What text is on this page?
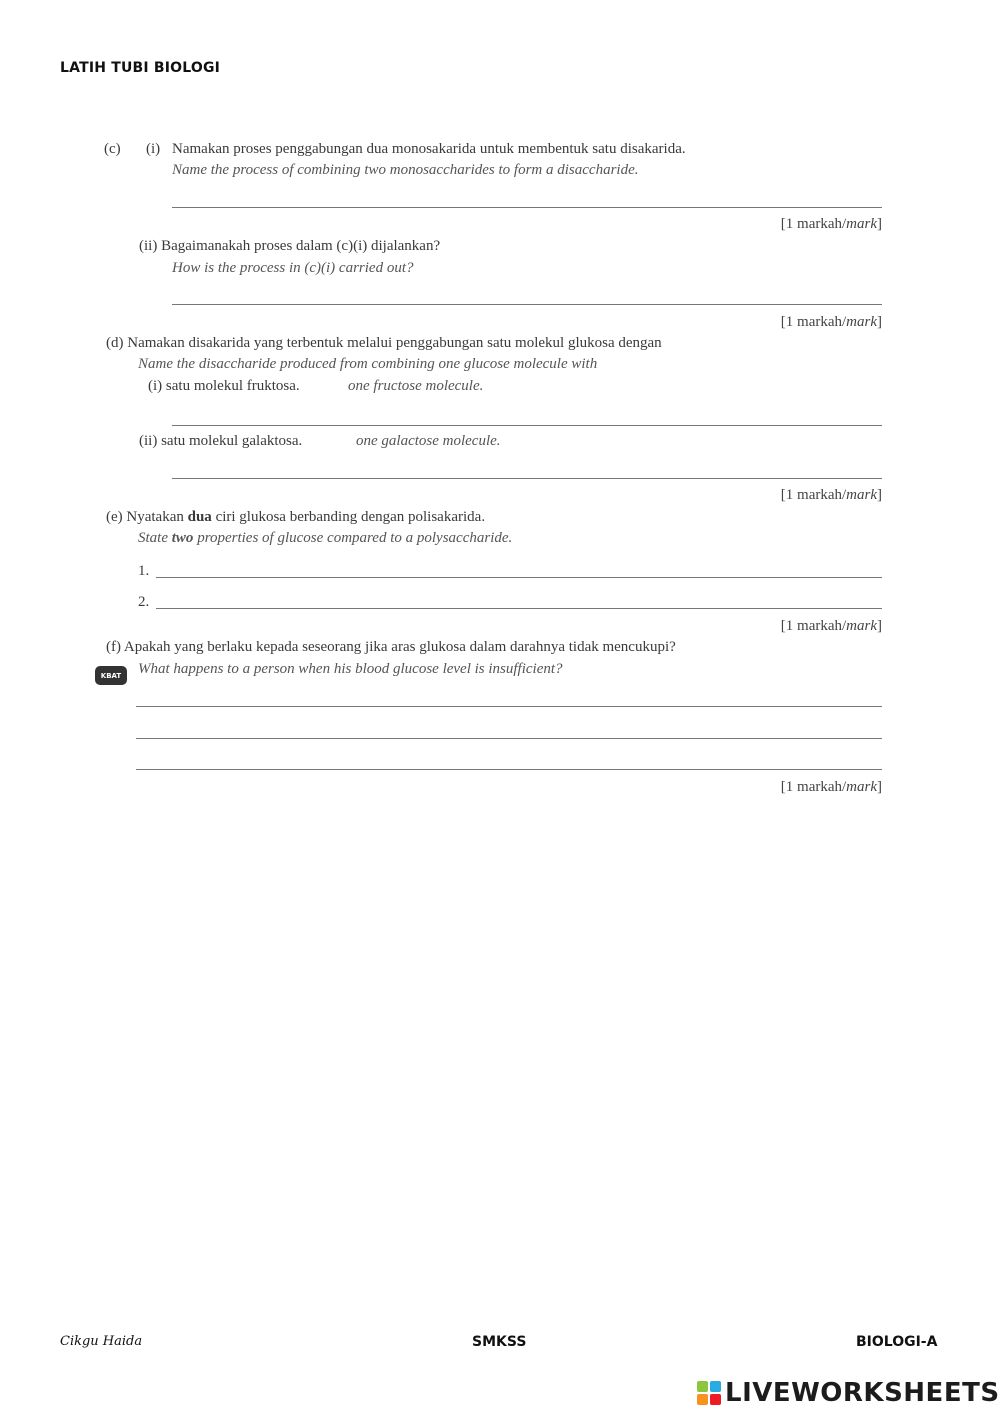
LATIH TUBI BIOLOGI
(c) (i) Namakan proses penggabungan dua monosakarida untuk membentuk satu disakarida.
Name the process of combining two monosaccharides to form a disaccharide.
[1 markah/mark]
(ii) Bagaimanakah proses dalam (c)(i) dijalankan?
How is the process in (c)(i) carried out?
[1 markah/mark]
(d) Namakan disakarida yang terbentuk melalui penggabungan satu molekul glukosa dengan
Name the disaccharide produced from combining one glucose molecule with
(i) satu molekul fruktosa.	one fructose molecule.
(ii) satu molekul galaktosa.	one galactose molecule.
[1 markah/mark]
(e) Nyatakan dua ciri glukosa berbanding dengan polisakarida.
State two properties of glucose compared to a polysaccharide.
1.
2.
[1 markah/mark]
(f) Apakah yang berlaku kepada seseorang jika aras glukosa dalam darahnya tidak mencukupi?
KBAT	What happens to a person when his blood glucose level is insufficient?
[1 markah/mark]
Cikgu Haida	SMKSS	BIOLOGI-A
LIVEWORKSHEETS
